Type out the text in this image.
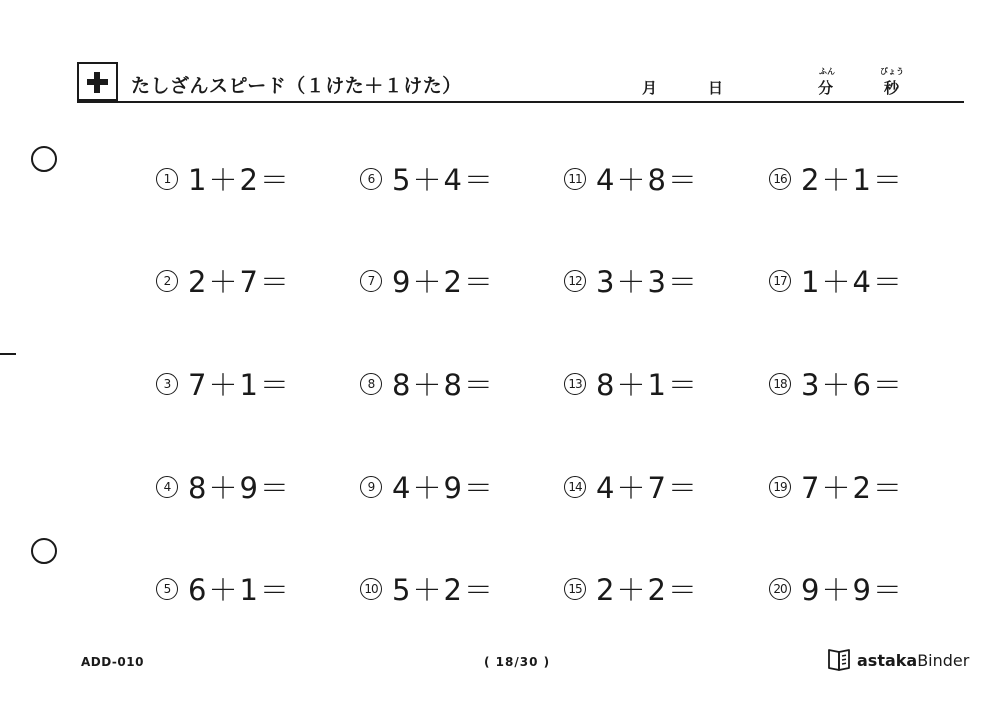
たしざんスピード（１けた＋１けた）	月	日
ふん
分
びょう
秒
1 1＋2＝
2 2＋7＝
3 7＋1＝
4 8＋9＝
5 6＋1＝
6 5＋4＝
7 9＋2＝
8 8＋8＝
9 4＋9＝
10 5＋2＝
11 4＋8＝
12 3＋3＝
13 8＋1＝
14 4＋7＝
15 2＋2＝
16 2＋1＝
17 1＋4＝
18 3＋6＝
19 7＋2＝
20 9＋9＝
ADD-010	( 18/30 )	astakaBinder
